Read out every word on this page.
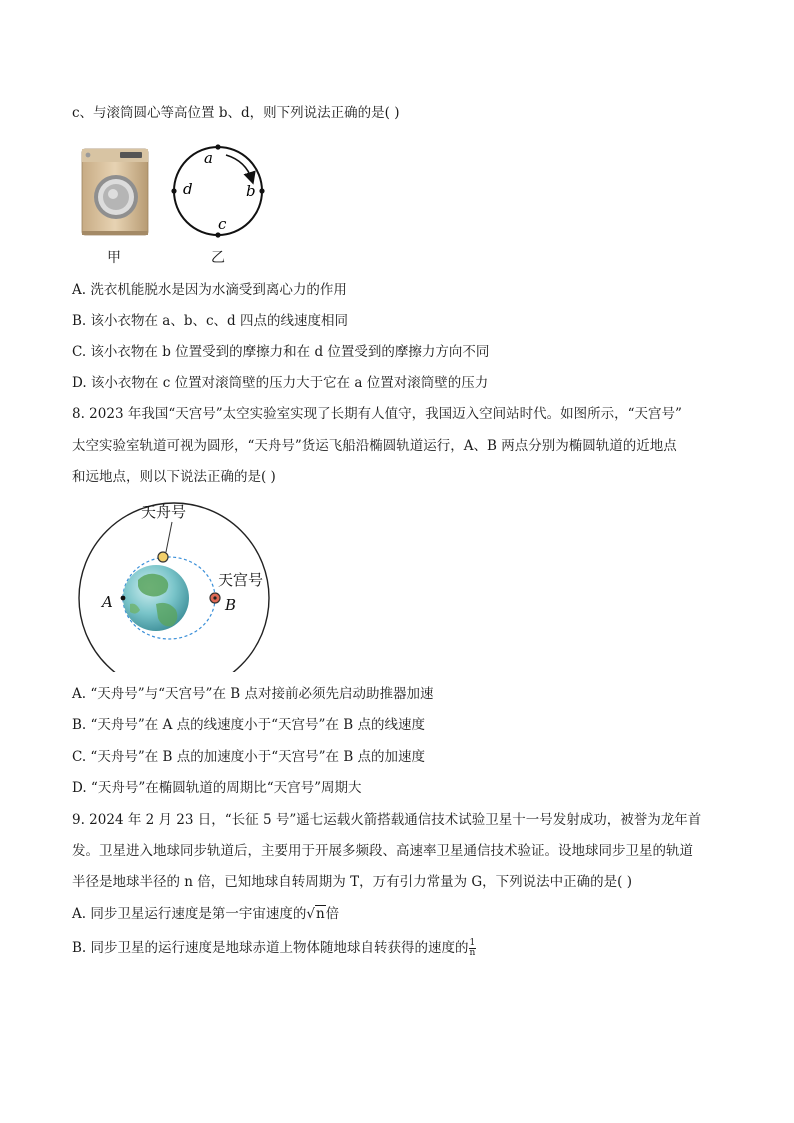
c、与滚筒圆心等高位置 b、d，则下列说法正确的是( )
甲
a
b
c
d
乙
A. 洗衣机能脱水是因为水滴受到离心力的作用
B. 该小衣物在 a、b、c、d 四点的线速度相同
C. 该小衣物在 b 位置受到的摩擦力和在 d 位置受到的摩擦力方向不同
D. 该小衣物在 c 位置对滚筒壁的压力大于它在 a 位置对滚筒壁的压力
8. 2023 年我国“天宫号”太空实验室实现了长期有人值守，我国迈入空间站时代。如图所示，“天宫号”
太空实验室轨道可视为圆形，“天舟号”货运飞船沿椭圆轨道运行，A、B 两点分别为椭圆轨道的近地点
和远地点，则以下说法正确的是( )
天舟号
天宫号
A	B
A. “天舟号”与“天宫号”在 B 点对接前必须先启动助推器加速
B. “天舟号”在 A 点的线速度小于“天宫号”在 B 点的线速度
C. “天舟号”在 B 点的加速度小于“天宫号”在 B 点的加速度
D. “天舟号”在椭圆轨道的周期比“天宫号”周期大
9. 2024 年 2 月 23 日，“长征 5 号”遥七运载火箭搭载通信技术试验卫星十一号发射成功，被誉为龙年首
发。卫星进入地球同步轨道后，主要用于开展多频段、高速率卫星通信技术验证。设地球同步卫星的轨道
半径是地球半径的 n 倍，已知地球自转周期为 T，万有引力常量为 G，下列说法中正确的是( )
A. 同步卫星运行速度是第一宇宙速度的√n倍
B. 同步卫星的运行速度是地球赤道上物体随地球自转获得的速度的 $\frac{1}{n}$
